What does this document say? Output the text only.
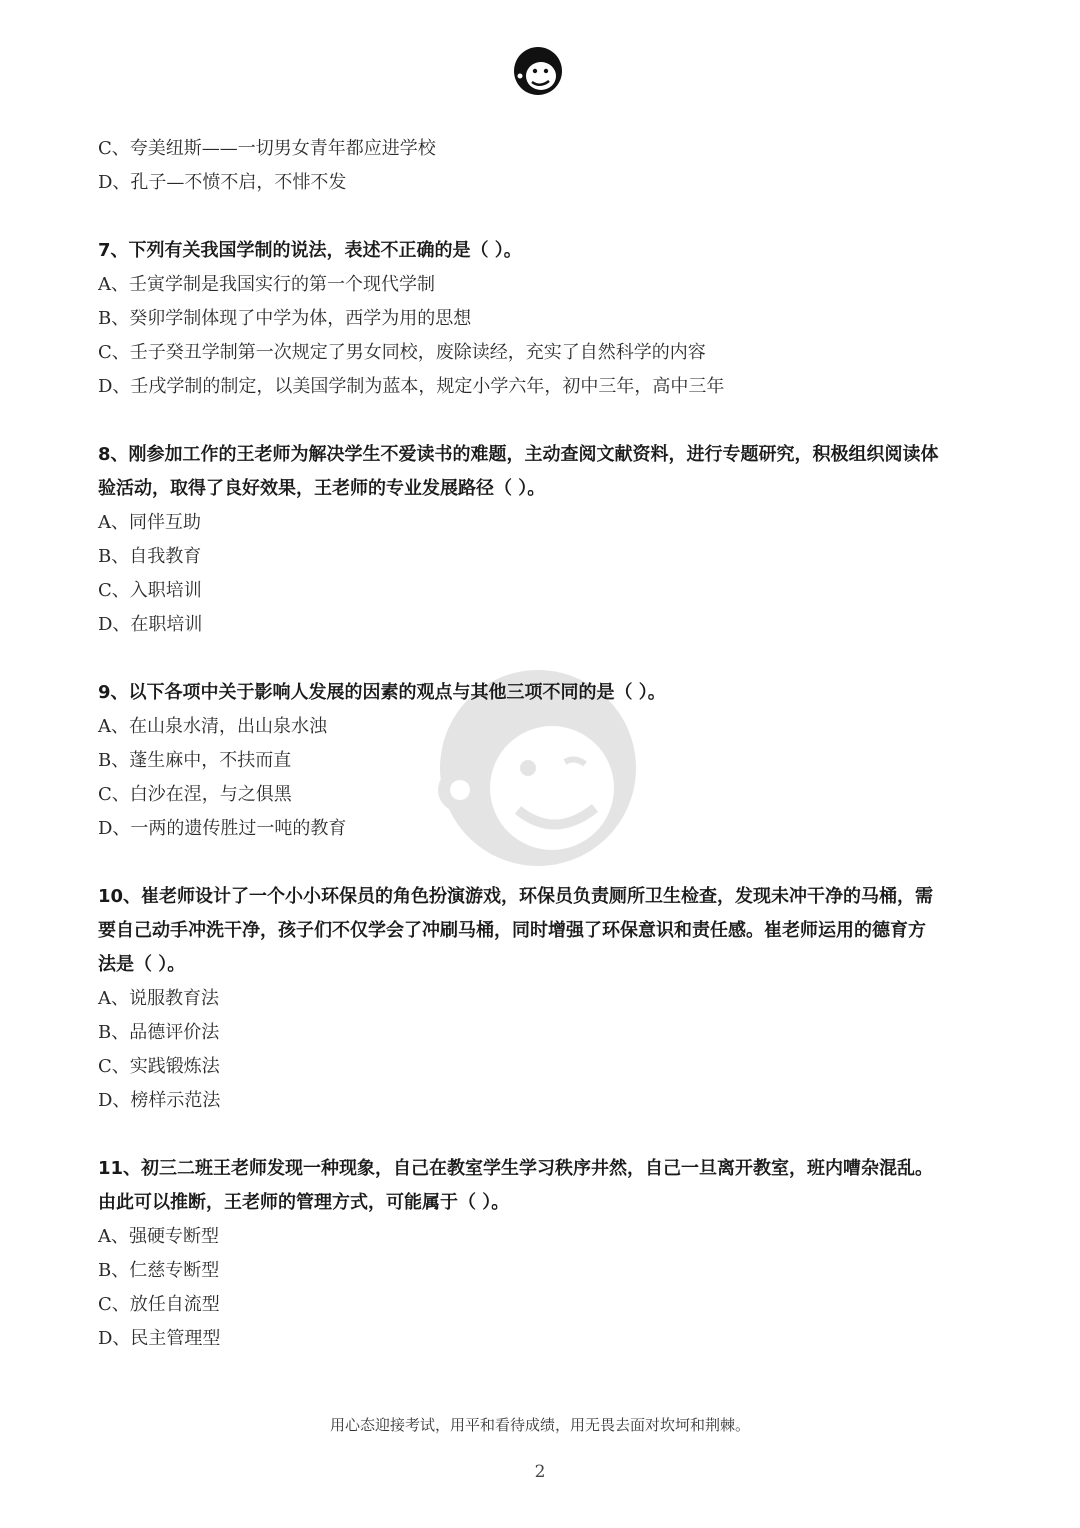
C、夸美纽斯——一切男女青年都应进学校
D、孔子—不愤不启，不悱不发
7、下列有关我国学制的说法，表述不正确的是（ ）。
A、壬寅学制是我国实行的第一个现代学制
B、癸卯学制体现了中学为体，西学为用的思想
C、壬子癸丑学制第一次规定了男女同校，废除读经，充实了自然科学的内容
D、壬戌学制的制定，以美国学制为蓝本，规定小学六年，初中三年，高中三年
8、刚参加工作的王老师为解决学生不爱读书的难题，主动查阅文献资料，进行专题研究，积极组织阅读体
验活动，取得了良好效果，王老师的专业发展路径（ ）。
A、同伴互助
B、自我教育
C、入职培训
D、在职培训
9、以下各项中关于影响人发展的因素的观点与其他三项不同的是（ ）。
A、在山泉水清，出山泉水浊
B、蓬生麻中，不扶而直
C、白沙在涅，与之俱黑
D、一两的遗传胜过一吨的教育
10、崔老师设计了一个小小环保员的角色扮演游戏，环保员负责厕所卫生检查，发现未冲干净的马桶，需
要自己动手冲洗干净，孩子们不仅学会了冲刷马桶，同时增强了环保意识和责任感。崔老师运用的德育方
法是（ ）。
A、说服教育法
B、品德评价法
C、实践锻炼法
D、榜样示范法
11、初三二班王老师发现一种现象，自己在教室学生学习秩序井然，自己一旦离开教室，班内嘈杂混乱。
由此可以推断，王老师的管理方式，可能属于（ ）。
A、强硬专断型
B、仁慈专断型
C、放任自流型
D、民主管理型
用心态迎接考试，用平和看待成绩，用无畏去面对坎坷和荆棘。
2
